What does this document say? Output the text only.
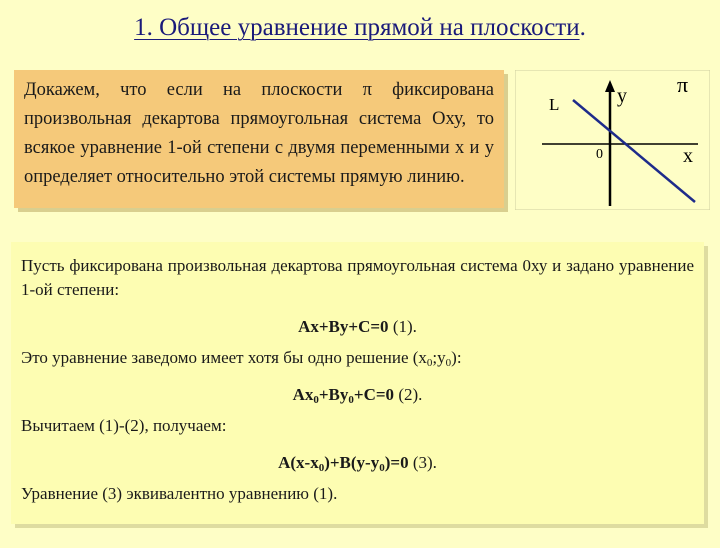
1. Общее уравнение прямой на плоскости.
Докажем, что если на плоскости π фиксирована произвольная декартова прямоугольная система Оху, то всякое уравнение 1-ой степени с двумя переменными х и у определяет относительно этой системы прямую линию.
π
L	у
0	х
Пусть фиксирована произвольная декартова прямоугольная система 0ху и задано уравнение 1-ой степени:
Ax+By+C=0 (1).
Это уравнение заведомо имеет хотя бы одно решение $(x_0;y_0)$:
$Ax_0+By_0+C=0$ (2).
Вычитаем (1)-(2), получаем:
$A(x-x_0)+B(y-y_0)=0$ (3).
Уравнение (3) эквивалентно уравнению (1).
